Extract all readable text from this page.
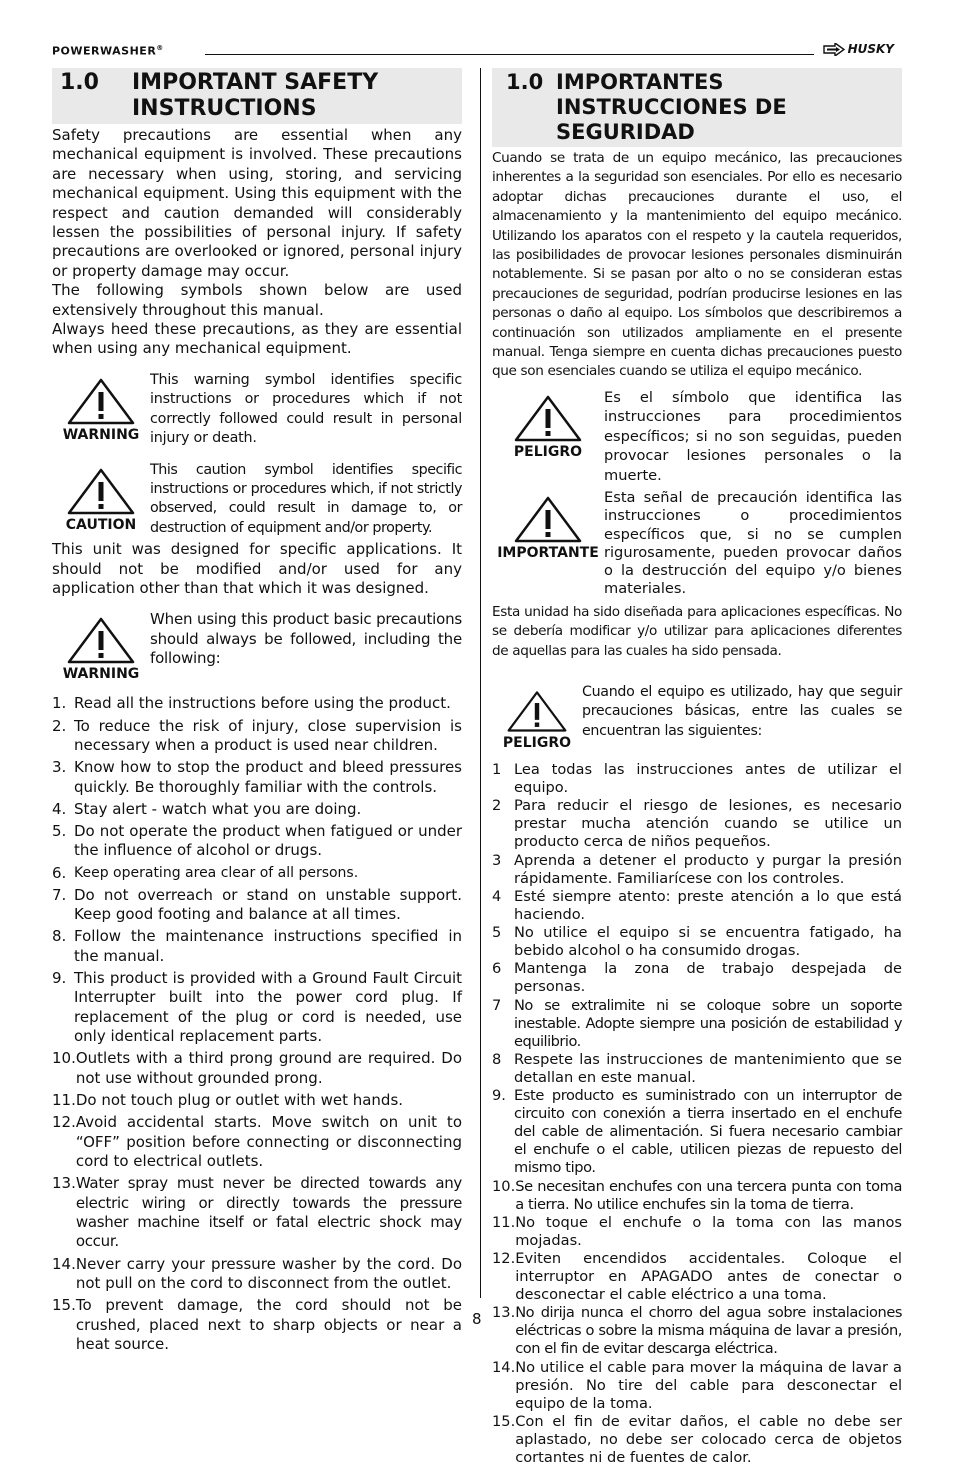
POWERWASHER®	HUSKY
1.0	IMPORTANT SAFETY INSTRUCTIONS

Safety precautions are essential when any mechanical equipment is involved. These precautions are necessary when using, storing, and servicing mechanical equipment. Using this equipment with the respect and caution demanded will considerably lessen the possibilities of personal injury. If safety precautions are overlooked or ignored, personal injury or property damage may occur.

The following symbols shown below are used extensively throughout this manual.

Always heed these precautions, as they are essential when using any mechanical equipment.

WARNING
This warning symbol identifies specific instructions or procedures which if not correctly followed could result in personal injury or death.
CAUTION
This caution symbol identifies specific instructions or procedures which, if not strictly observed, could result in damage to, or destruction of equipment and/or property.

This unit was designed for specific applications. It should not be modified and/or used for any application other than that which it was designed.

WARNING
When using this product basic precautions should always be followed, including the following:
1. Read all the instructions before using the product.
2. To reduce the risk of injury, close supervision is necessary when a product is used near children.
3. Know how to stop the product and bleed pressures quickly. Be thoroughly familiar with the controls.
4. Stay alert - watch what you are doing.
5. Do not operate the product when fatigued or under the influence of alcohol or drugs.
6. Keep operating area clear of all persons.
7. Do not overreach or stand on unstable support. Keep good footing and balance at all times.
8. Follow the maintenance instructions specified in the manual.
9. This product is provided with a Ground Fault Circuit Interrupter built into the power cord plug. If replacement of the plug or cord is needed, use only identical replacement parts.
10. Outlets with a third prong ground are required. Do not use without grounded prong.
11. Do not touch plug or outlet with wet hands.
12. Avoid accidental starts. Move switch on unit to “OFF” position before connecting or disconnecting cord to electrical outlets.
13. Water spray must never be directed towards any electric wiring or directly towards the pressure washer machine itself or fatal electric shock may occur.
14. Never carry your pressure washer by the cord. Do not pull on the cord to disconnect from the outlet.
15. To prevent damage, the cord should not be crushed, placed next to sharp objects or near a heat source.
1.0 IMPORTANTES INSTRUCCIONES DE SEGURIDAD

Cuando se trata de un equipo mecánico, las precauciones inherentes a la seguridad son esenciales. Por ello es necesario adoptar dichas precauciones durante el uso, el almacenamiento y la mantenimiento del equipo mecánico. Utilizando los aparatos con el respeto y la cautela requeridos, las posibilidades de provocar lesiones personales disminuirán notablemente. Si se pasan por alto o no se consideran estas precauciones de seguridad, podrían producirse lesiones en las personas o daño al equipo. Los símbolos que describiremos a continuación son utilizados ampliamente en el presente manual. Tenga siempre en cuenta dichas precauciones puesto que son esenciales cuando se utiliza el equipo mecánico.

PELIGRO
Es el símbolo que identifica las instrucciones para procedimientos específicos; si no son seguidas, pueden provocar lesiones personales o la muerte.
IMPORTANTE
Esta señal de precaución identifica las instrucciones o procedimientos específicos que, si no se cumplen rigurosamente, pueden provocar daños o la destrucción del equipo y/o bienes materiales.

Esta unidad ha sido diseñada para aplicaciones específicas. No se debería modificar y/o utilizar para aplicaciones diferentes de aquellas para las cuales ha sido pensada.

PELIGRO
Cuando el equipo es utilizado, hay que seguir precauciones básicas, entre las cuales se encuentran las siguientes:
1 Lea todas las instrucciones antes de utilizar el equipo.
2 Para reducir el riesgo de lesiones, es necesario prestar mucha atención cuando se utilice un producto cerca de niños pequeños.
3 Aprenda a detener el producto y purgar la presión rápidamente. Familiarícese con los controles.
4 Esté siempre atento: preste atención a lo que está haciendo.
5 No utilice el equipo si se encuentra fatigado, ha bebido alcohol o ha consumido drogas.
6 Mantenga la zona de trabajo despejada de personas.
7 No se extralimite ni se coloque sobre un soporte inestable. Adopte siempre una posición de estabilidad y equilibrio.
8 Respete las instrucciones de mantenimiento que se detallan en este manual.
9. Este producto es suministrado con un interruptor de circuito con conexión a tierra insertado en el enchufe del cable de alimentación. Si fuera necesario cambiar el enchufe o el cable, utilicen piezas de repuesto del mismo tipo.
10. Se necesitan enchufes con una tercera punta con toma a tierra. No utilice enchufes sin la toma de tierra.
11. No toque el enchufe o la toma con las manos mojadas.
12. Eviten encendidos accidentales. Coloque el interruptor en APAGADO antes de conectar o desconectar el cable eléctrico a una toma.
13. No dirija nunca el chorro del agua sobre instalaciones eléctricas o sobre la misma máquina de lavar a presión, con el fin de evitar descarga eléctrica.
14. No utilice el cable para mover la máquina de lavar a presión. No tire del cable para desconectar el equipo de la toma.
15. Con el fin de evitar daños, el cable no debe ser aplastado, no debe ser colocado cerca de objetos cortantes ni de fuentes de calor.
8
